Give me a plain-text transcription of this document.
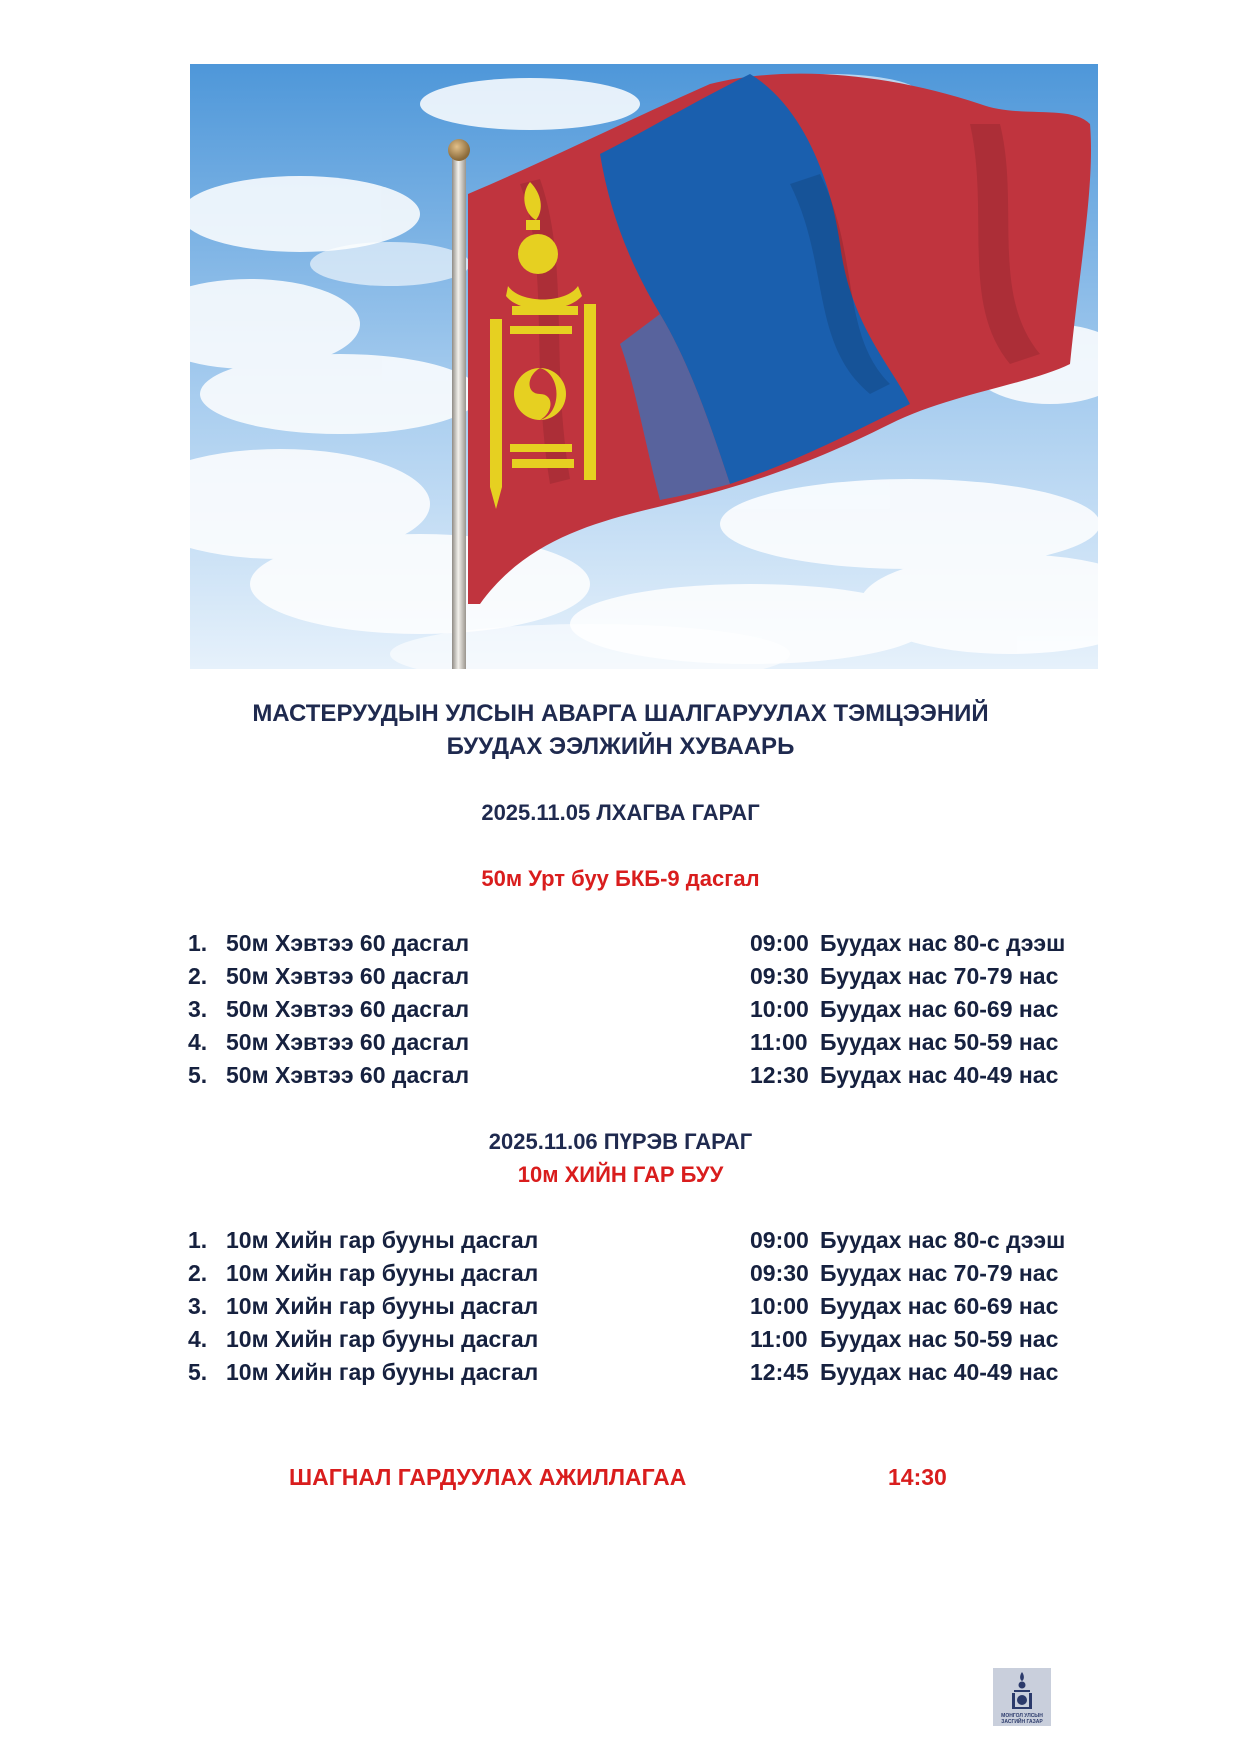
МАСТЕРУУДЫН УЛСЫН АВАРГА ШАЛГАРУУЛАХ ТЭМЦЭЭНИЙ
БУУДАХ ЭЭЛЖИЙН ХУВААРЬ
2025.11.05 ЛХАГВА ГАРАГ
50м Урт буу БКБ-9 дасгал
1. 50м Хэвтээ 60 дасгал	09:00 Буудах нас 80-с дээш
2. 50м Хэвтээ 60 дасгал	09:30 Буудах нас 70-79 нас
3. 50м Хэвтээ 60 дасгал	10:00 Буудах нас 60-69 нас
4. 50м Хэвтээ 60 дасгал	11:00 Буудах нас 50-59 нас
5. 50м Хэвтээ 60 дасгал	12:30 Буудах нас 40-49 нас
2025.11.06 ПҮРЭВ ГАРАГ
10м ХИЙН ГАР БУУ
1. 10м Хийн гар бууны дасгал	09:00 Буудах нас 80-с дээш
2. 10м Хийн гар бууны дасгал	09:30 Буудах нас 70-79 нас
3. 10м Хийн гар бууны дасгал	10:00 Буудах нас 60-69 нас
4. 10м Хийн гар бууны дасгал	11:00 Буудах нас 50-59 нас
5. 10м Хийн гар бууны дасгал	12:45 Буудах нас 40-49 нас
ШАГНАЛ ГАРДУУЛАХ АЖИЛЛАГАА	14:30
МОНГОЛ УЛСЫН
ЗАСГИЙН ГАЗАР
